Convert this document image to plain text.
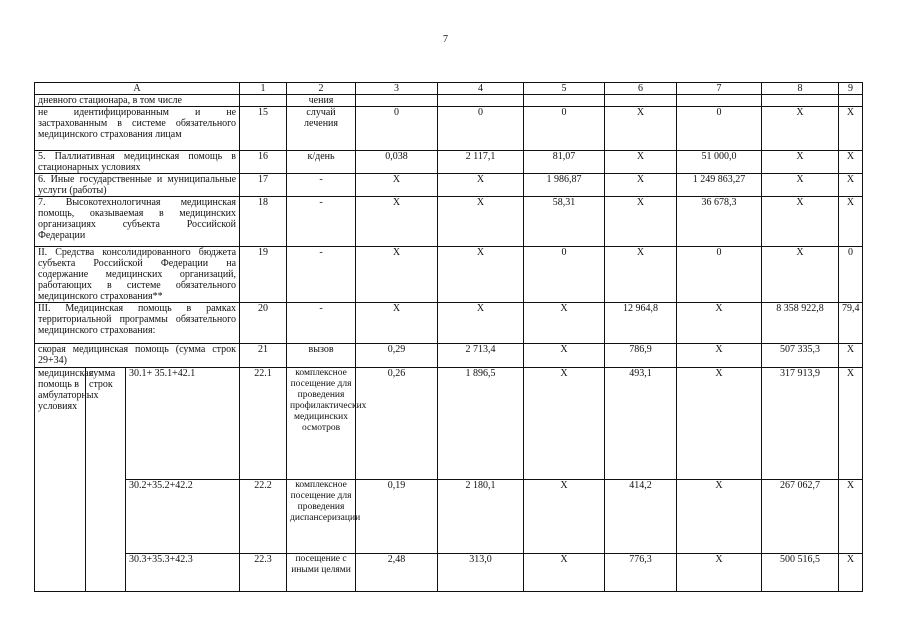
7
А			1	2	3	4	5	6	7	8	9
дневного стационара, в том числе				чения							
не идентифицированным и не застрахованным в системе обязательного медицинского страхования лицам			15	случай лечения	0	0	0	Х	0	Х	Х
5. Паллиативная медицинская помощь в стационарных условиях			16	к/день	0,038	2 117,1	81,07	Х	51 000,0	Х	Х
6. Иные государственные и муниципальные услуги (работы)			17	-	Х	Х	1 986,87	Х	1 249 863,27	Х	Х
7. Высокотехнологичная медицинская помощь, оказываемая в медицинских организациях субъекта Российской Федерации			18	-	Х	Х	58,31	Х	36 678,3	Х	Х
II. Средства консолидированного бюджета субъекта Российской Федерации на содержание медицинских организаций, работающих в системе обязательного медицинского страхования**			19	-	Х	Х	0	Х	0	Х	0
III. Медицинская помощь в рамках территориальной программы обязательного медицинского страхования:			20	-	Х	Х	Х	12 964,8	Х	8 358 922,8	79,4
скорая медицинская помощь (сумма строк 29+34)			21	вызов	0,29	2 713,4	Х	786,9	Х	507 335,3	Х
медицинская помощь в амбулаторных условиях	сумма строк	30.1+ 35.1+42.1	22.1	комплексное посещение для проведения профилактических медицинских осмотров	0,26	1 896,5	Х	493,1	Х	317 913,9	Х
		30.2+35.2+42.2	22.2	комплексное посещение для проведения диспансеризации	0,19	2 180,1	Х	414,2	Х	267 062,7	Х
		30.3+35.3+42.3	22.3	посещение с иными целями	2,48	313,0	Х	776,3	Х	500 516,5	Х
